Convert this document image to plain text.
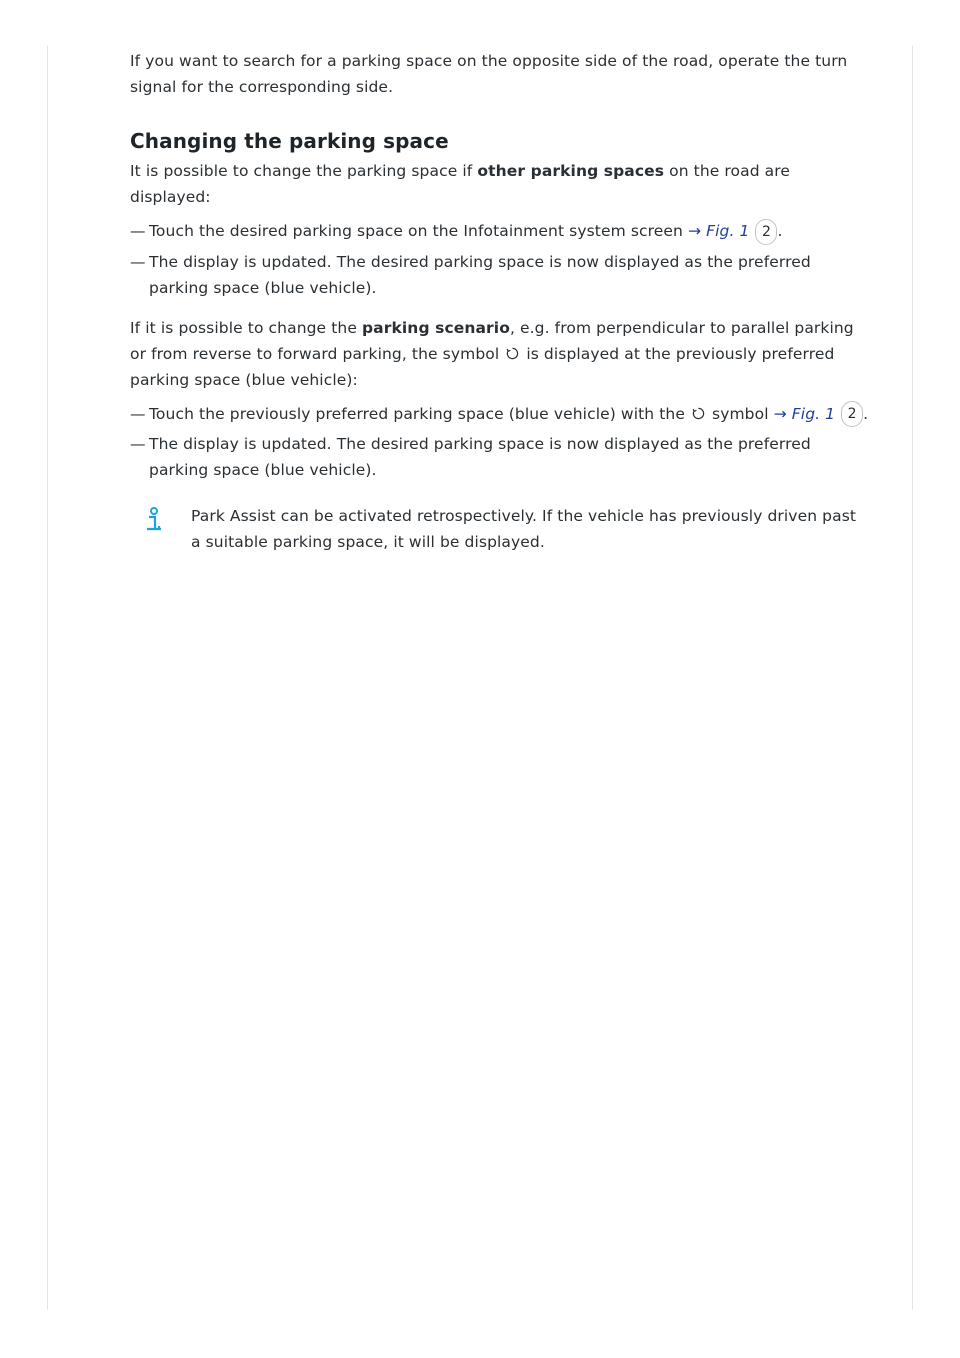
If you want to search for a parking space on the opposite side of the road, operate the turn signal for the corresponding side.

Changing the parking space

It is possible to change the parking space if other parking spaces on the road are displayed:

— Touch the desired parking space on the Infotainment system screen → Fig. 1 2 .
— The display is updated. The desired parking space is now displayed as the preferred parking space (blue vehicle).

If it is possible to change the parking scenario, e.g. from perpendicular to parallel parking or from reverse to forward parking, the symbol  is displayed at the previously preferred parking space (blue vehicle):

— Touch the previously preferred parking space (blue vehicle) with the  symbol → Fig. 1 2 .
— The display is updated. The desired parking space is now displayed as the preferred parking space (blue vehicle).

Park Assist can be activated retrospectively. If the vehicle has previously driven past a suitable parking space, it will be displayed.
